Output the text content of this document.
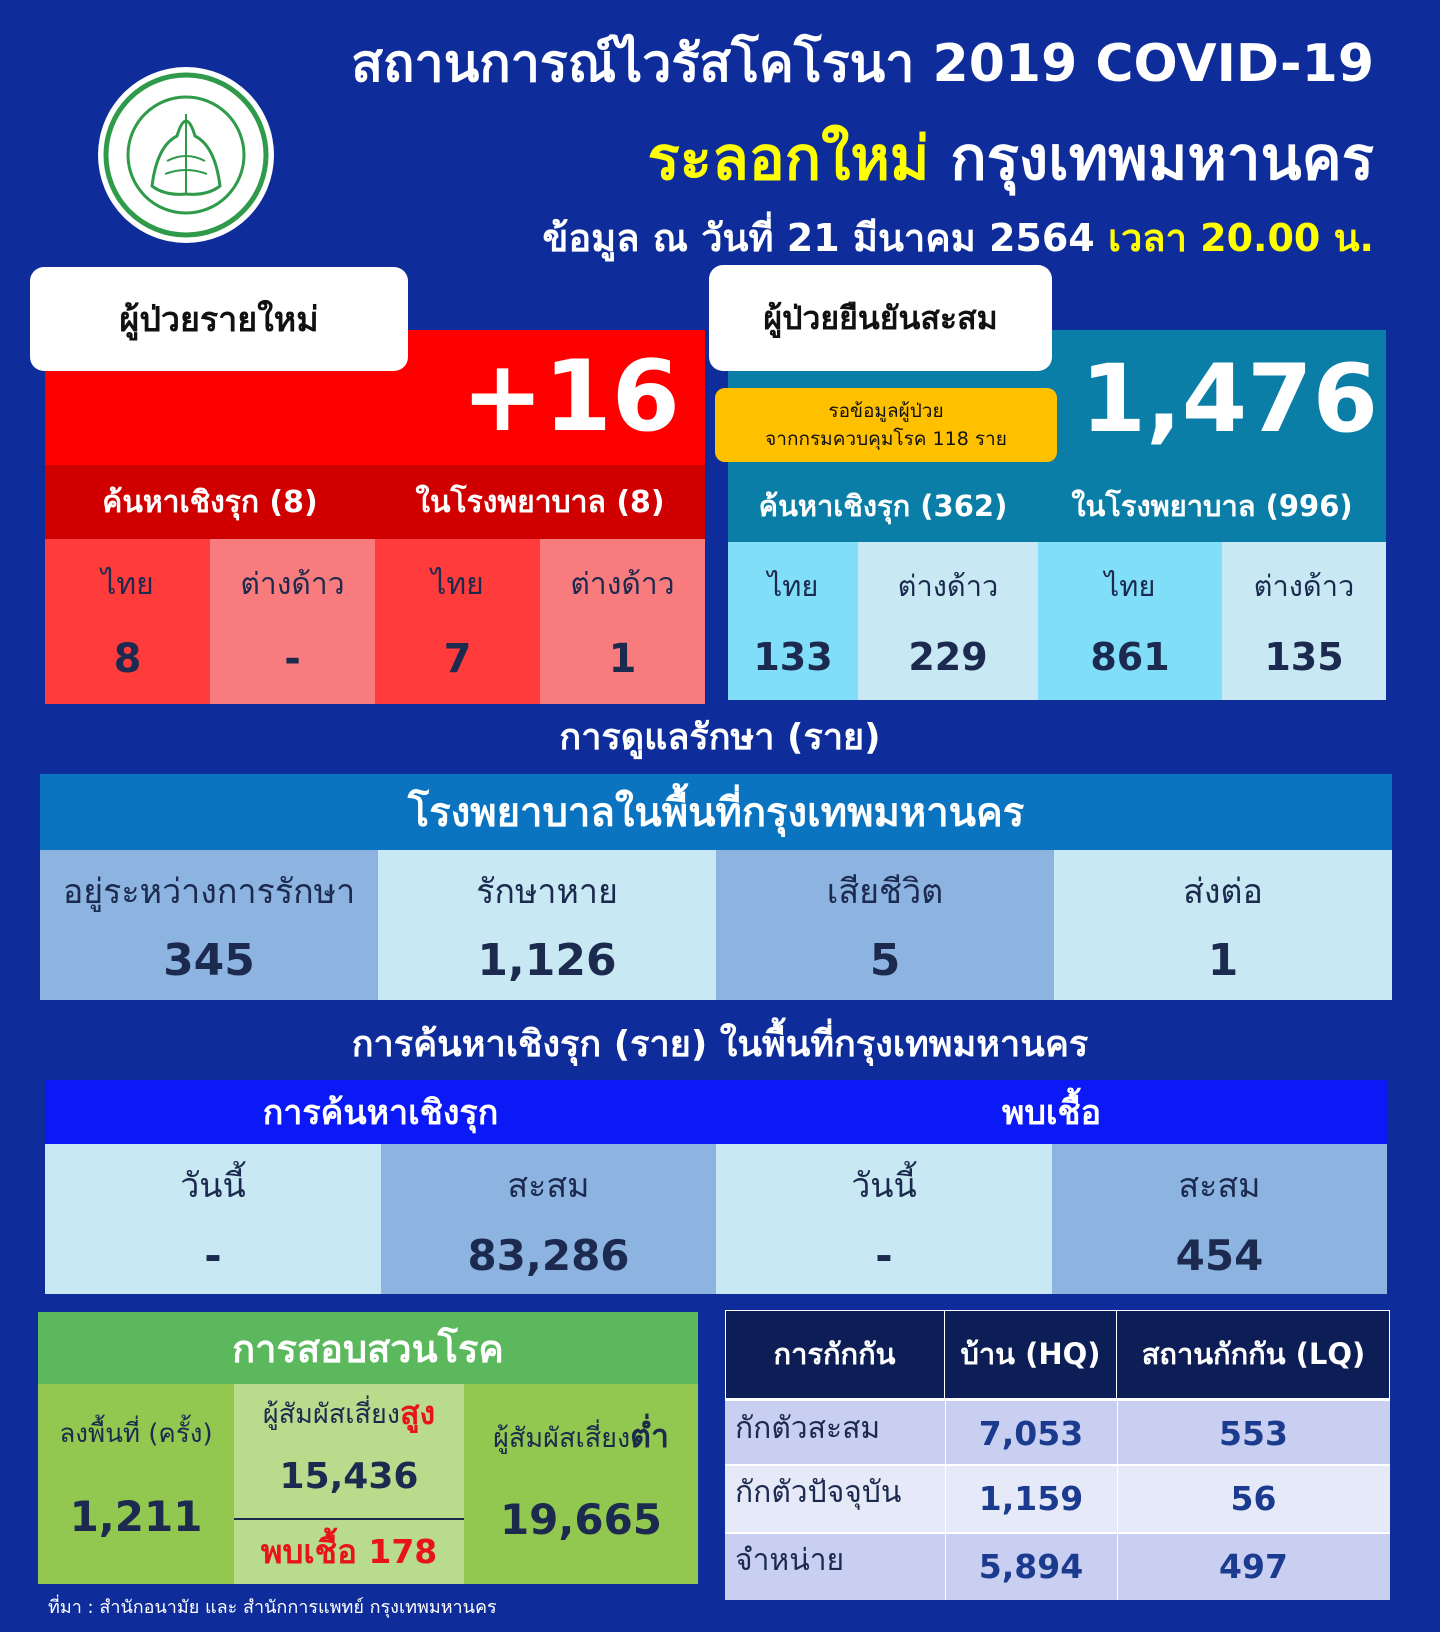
สถานการณ์ไวรัสโคโรนา 2019 COVID-19
ระลอกใหม่ กรุงเทพมหานคร
ข้อมูล ณ วันที่ 21 มีนาคม 2564 เวลา 20.00 น.
ผู้ป่วยรายใหม่
+16
ค้นหาเชิงรุก (8)	ในโรงพยาบาล (8)
ไทย
8
ต่างด้าว
-
ไทย
7
ต่างด้าว
1
ผู้ป่วยยืนยันสะสม
รอข้อมูลผู้ป่วย
จากกรมควบคุมโรค 118 ราย 1,476
ค้นหาเชิงรุก (362)	ในโรงพยาบาล (996)
ไทย
133
ต่างด้าว
229
ไทย
861
ต่างด้าว
135
การดูแลรักษา (ราย)
โรงพยาบาลในพื้นที่กรุงเทพมหานคร
อยู่ระหว่างการรักษา
345
รักษาหาย
1,126
เสียชีวิต
5
ส่งต่อ
1
การค้นหาเชิงรุก (ราย) ในพื้นที่กรุงเทพมหานคร
การค้นหาเชิงรุก	พบเชื้อ
วันนี้
-
สะสม
83,286
วันนี้
-
สะสม
454
การสอบสวนโรค
ลงพื้นที่ (ครั้ง)
1,211
ผู้สัมผัสเสี่ยง สูง
15,436
พบเชื้อ 178
ผู้สัมผัสเสี่ยงต่ำ
19,665
การกักกัน	บ้าน (HQ)	สถานกักกัน (LQ)
กักตัวสะสม	7,053	553
กักตัวปัจจุบัน	1,159	56
จำหน่าย	5,894	497
ที่มา : สำนักอนามัย และ สำนักการแพทย์ กรุงเทพมหานคร
